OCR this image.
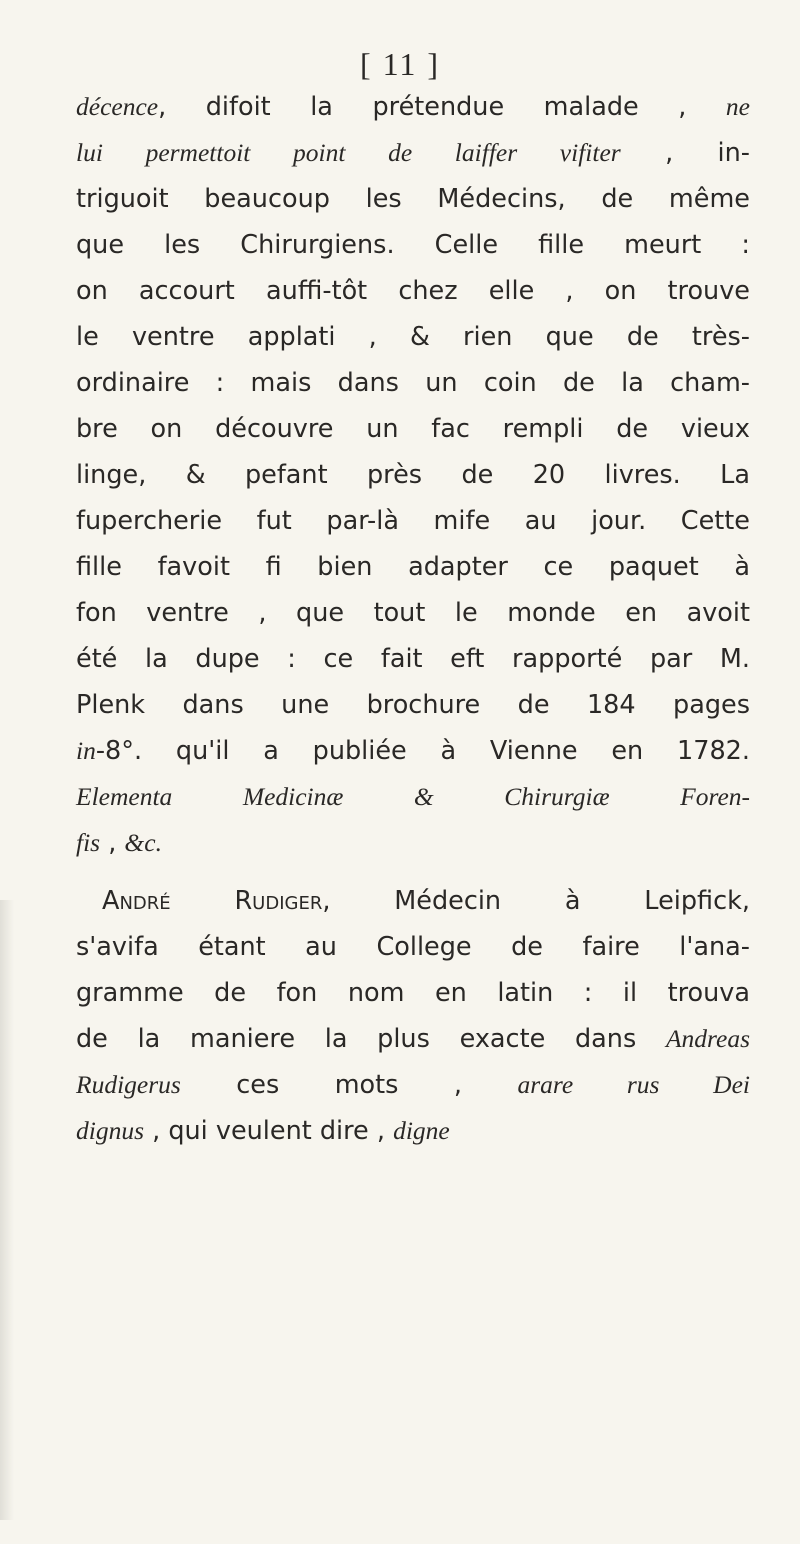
[ 11 ]
décence, difoit la prétendue malade , ne
lui permettoit point de laiffer vifiter , in-
triguoit beaucoup les Médecins, de même
que les Chirurgiens. Celle fille meurt :
on accourt auffi-tôt chez elle , on trouve
le ventre applati , & rien que de très-
ordinaire : mais dans un coin de la cham-
bre on découvre un fac rempli de vieux
linge, & pefant près de 20 livres. La
fupercherie fut par-là mife au jour. Cette
fille favoit fi bien adapter ce paquet à
fon ventre , que tout le monde en avoit
été la dupe : ce fait eft rapporté par M.
Plenk dans une brochure de 184 pages
in-8°. qu'il a publiée à Vienne en 1782.
Elementa Medicinæ & Chirurgiæ Foren-
fis , &c.
André Rudiger, Médecin à Leipfick,
s'avifa étant au College de faire l'ana-
gramme de fon nom en latin : il trouva
de la maniere la plus exacte dans Andreas
Rudigerus ces mots , arare rus Dei
dignus , qui veulent dire , digne
